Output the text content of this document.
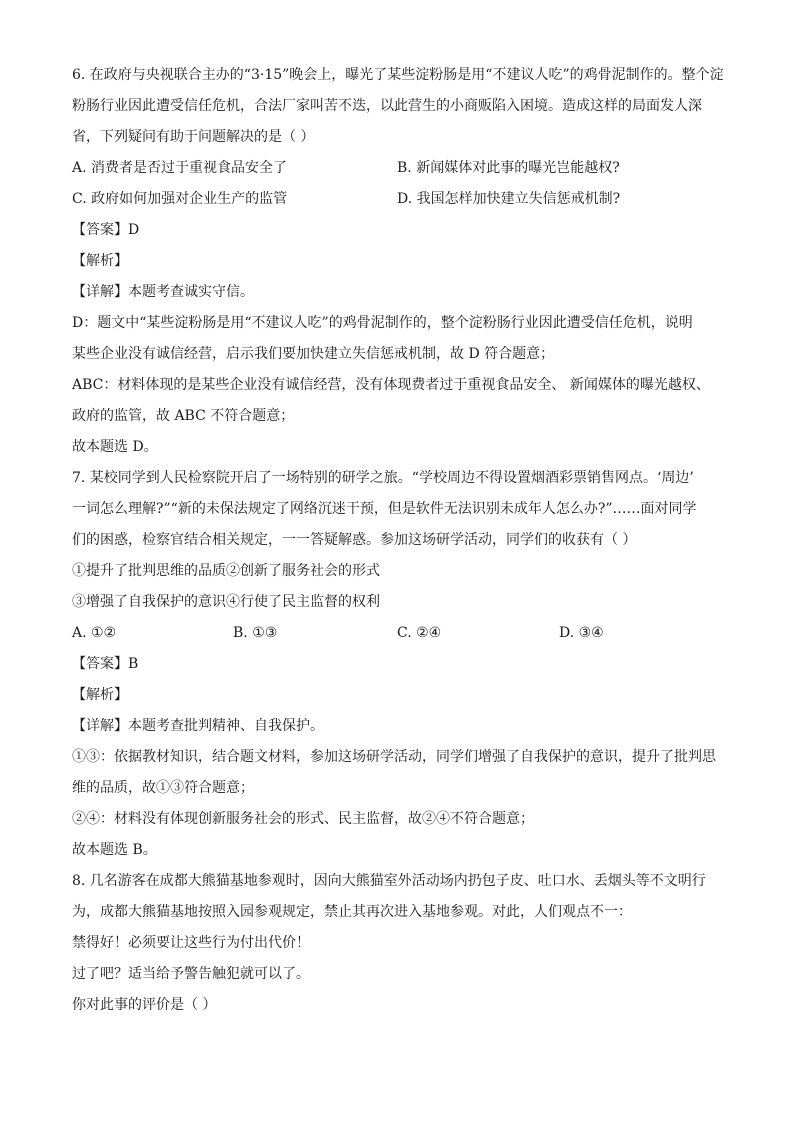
6. 在政府与央视联合主办的“3·15”晚会上，曝光了某些淀粉肠是用“不建议人吃”的鸡骨泥制作的。整个淀
粉肠行业因此遭受信任危机，合法厂家叫苦不迭，以此营生的小商贩陷入困境。造成这样的局面发人深
省，下列疑问有助于问题解决的是（ ）
A. 消费者是否过于重视食品安全了	B. 新闻媒体对此事的曝光岂能越权?
C. 政府如何加强对企业生产的监管	D. 我国怎样加快建立失信惩戒机制?
【答案】D
【解析】
【详解】本题考查诚实守信。
D：题文中“某些淀粉肠是用“不建议人吃”的鸡骨泥制作的，整个淀粉肠行业因此遭受信任危机，说明
某些企业没有诚信经营，启示我们要加快建立失信惩戒机制，故 D 符合题意；
ABC：材料体现的是某些企业没有诚信经营，没有体现费者过于重视食品安全、 新闻媒体的曝光越权、
政府的监管，故 ABC 不符合题意；
故本题选 D。
7. 某校同学到人民检察院开启了一场特别的研学之旅。“学校周边不得设置烟酒彩票销售网点。‘周边’
一词怎么理解?”“新的未保法规定了网络沉迷干预，但是软件无法识别未成年人怎么办?”……面对同学
们的困惑，检察官结合相关规定，一一答疑解惑。参加这场研学活动，同学们的收获有（ ）
①提升了批判思维的品质②创新了服务社会的形式
③增强了自我保护的意识④行使了民主监督的权利
A. ①②	B. ①③	C. ②④	D. ③④
【答案】B
【解析】
【详解】本题考查批判精神、自我保护。
①③：依据教材知识，结合题文材料，参加这场研学活动，同学们增强了自我保护的意识，提升了批判思
维的品质，故①③符合题意；
②④：材料没有体现创新服务社会的形式、民主监督，故②④不符合题意；
故本题选 B。
8. 几名游客在成都大熊猫基地参观时，因向大熊猫室外活动场内扔包子皮、吐口水、丢烟头等不文明行
为，成都大熊猫基地按照入园参观规定，禁止其再次进入基地参观。对此，人们观点不一：
禁得好！必须要让这些行为付出代价！
过了吧？适当给予警告触犯就可以了。
你对此事的评价是（ ）
